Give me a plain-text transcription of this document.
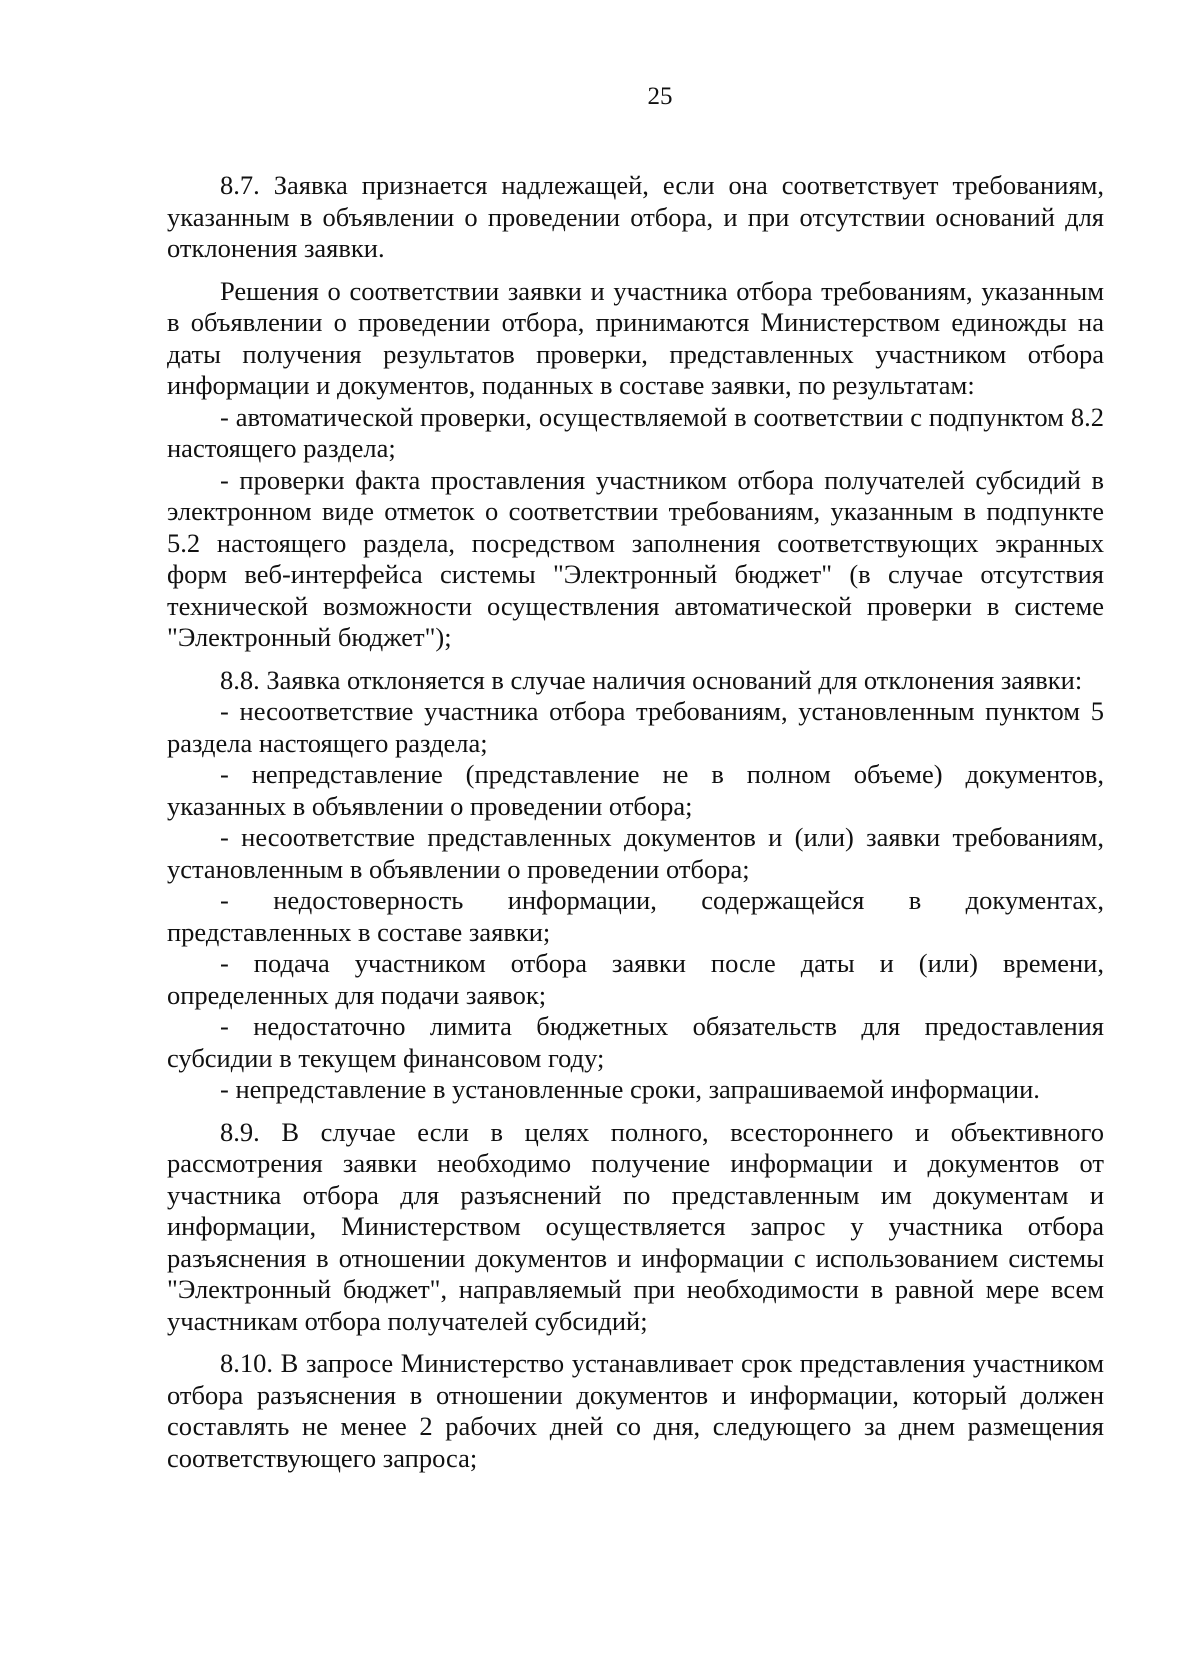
25

8.7. Заявка признается надлежащей, если она соответствует требованиям, указанным в объявлении о проведении отбора, и при отсутствии оснований для отклонения заявки.

Решения о соответствии заявки и участника отбора требованиям, указанным в объявлении о проведении отбора, принимаются Министерством единожды на даты получения результатов проверки, представленных участником отбора информации и документов, поданных в составе заявки, по результатам:

- автоматической проверки, осуществляемой в соответствии с подпунктом 8.2 настоящего раздела;

- проверки факта проставления участником отбора получателей субсидий в электронном виде отметок о соответствии требованиям, указанным в подпункте 5.2 настоящего раздела, посредством заполнения соответствующих экранных форм веб-интерфейса системы "Электронный бюджет" (в случае отсутствия технической возможности осуществления автоматической проверки в системе "Электронный бюджет");

8.8. Заявка отклоняется в случае наличия оснований для отклонения заявки:

- несоответствие участника отбора требованиям, установленным пунктом 5 раздела настоящего раздела;

- непредставление (представление не в полном объеме) документов, указанных в объявлении о проведении отбора;

- несоответствие представленных документов и (или) заявки требованиям, установленным в объявлении о проведении отбора;

- недостоверность информации, содержащейся в документах, представленных в составе заявки;

- подача участником отбора заявки после даты и (или) времени, определенных для подачи заявок;

- недостаточно лимита бюджетных обязательств для предоставления субсидии в текущем финансовом году;

- непредставление в установленные сроки, запрашиваемой информации.

8.9. В случае если в целях полного, всестороннего и объективного рассмотрения заявки необходимо получение информации и документов от участника отбора для разъяснений по представленным им документам и информации, Министерством осуществляется запрос у участника отбора разъяснения в отношении документов и информации с использованием системы "Электронный бюджет", направляемый при необходимости в равной мере всем участникам отбора получателей субсидий;

8.10. В запросе Министерство устанавливает срок представления участником отбора разъяснения в отношении документов и информации, который должен составлять не менее 2 рабочих дней со дня, следующего за днем размещения соответствующего запроса;
